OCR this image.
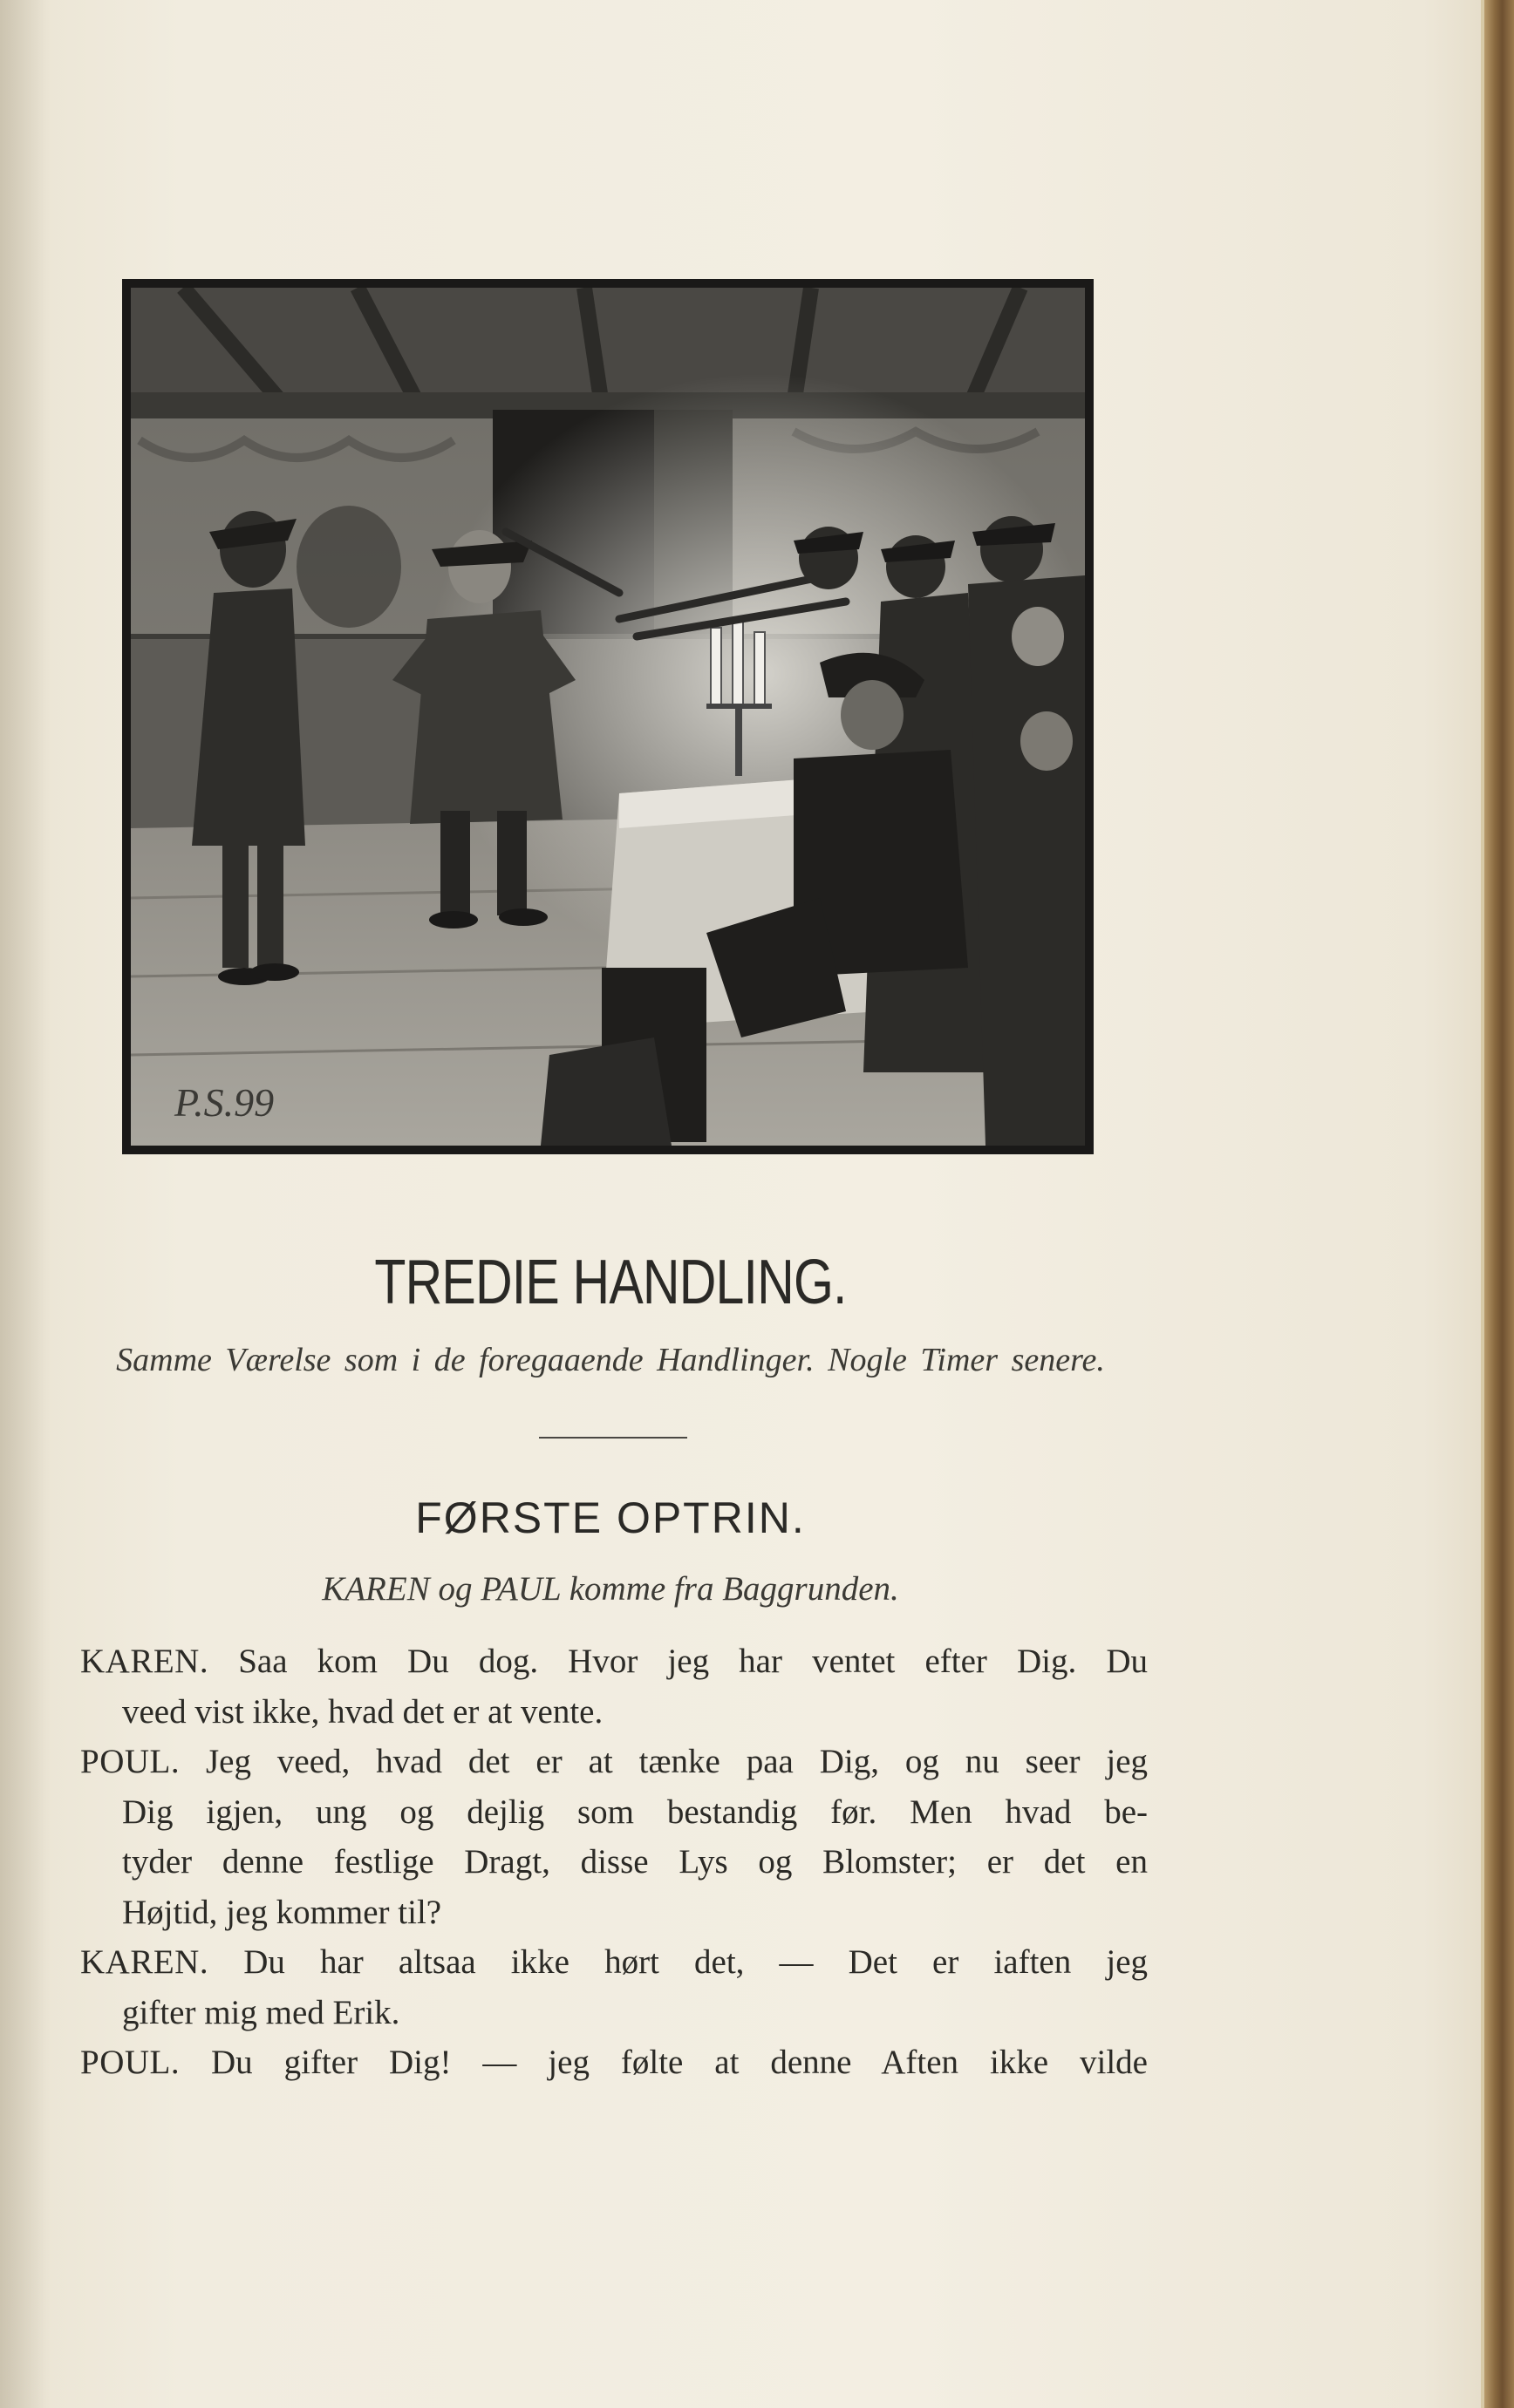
P.S.99
TREDIE HANDLING.
Samme Værelse som i de foregaaende Handlinger. Nogle Timer senere.
FØRSTE OPTRIN.
KAREN og PAUL komme fra Baggrunden.
KAREN. Saa kom Du dog. Hvor jeg har ventet efter Dig. Du
veed vist ikke, hvad det er at vente.
POUL. Jeg veed, hvad det er at tænke paa Dig, og nu seer jeg
Dig igjen, ung og dejlig som bestandig før. Men hvad be-
tyder denne festlige Dragt, disse Lys og Blomster; er det en
Højtid, jeg kommer til?
KAREN. Du har altsaa ikke hørt det, — Det er iaften jeg
gifter mig med Erik.
POUL. Du gifter Dig! — jeg følte at denne Aften ikke vilde
